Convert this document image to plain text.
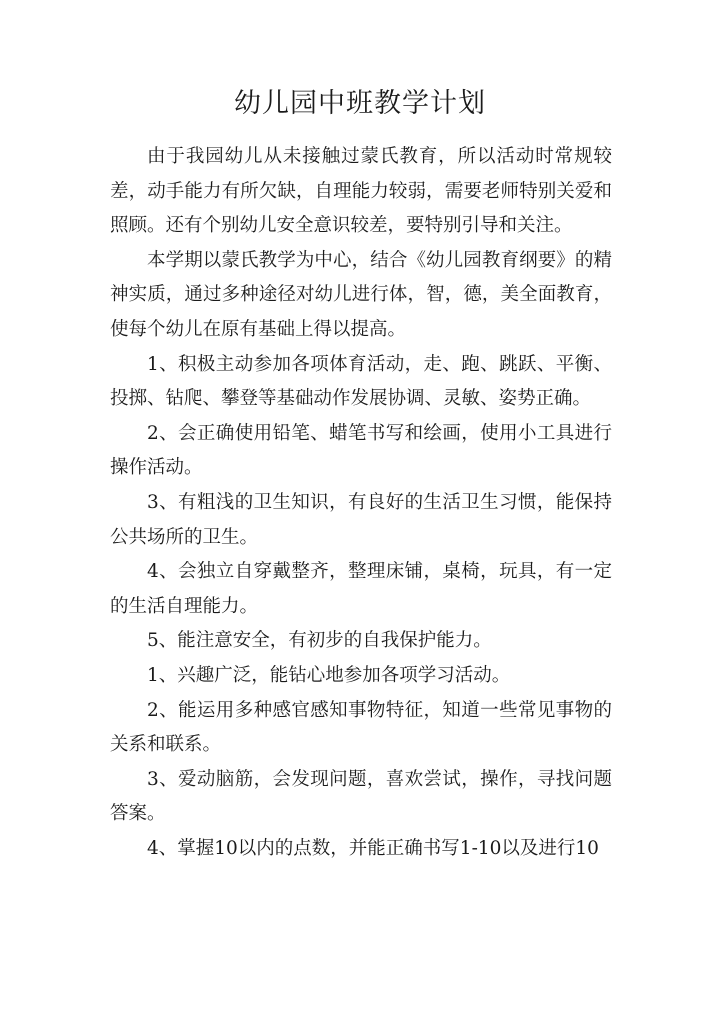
幼儿园中班教学计划

由于我园幼儿从未接触过蒙氏教育，所以活动时常规较差，动手能力有所欠缺，自理能力较弱，需要老师特别关爱和照顾。还有个别幼儿安全意识较差，要特别引导和关注。

本学期以蒙氏教学为中心，结合《幼儿园教育纲要》的精神实质，通过多种途径对幼儿进行体，智，德，美全面教育，使每个幼儿在原有基础上得以提高。

1、积极主动参加各项体育活动，走、跑、跳跃、平衡、投掷、钻爬、攀登等基础动作发展协调、灵敏、姿势正确。

2、会正确使用铅笔、蜡笔书写和绘画，使用小工具进行操作活动。

3、有粗浅的卫生知识，有良好的生活卫生习惯，能保持公共场所的卫生。

4、会独立自穿戴整齐，整理床铺，桌椅，玩具，有一定的生活自理能力。

5、能注意安全，有初步的自我保护能力。

1、兴趣广泛，能钻心地参加各项学习活动。

2、能运用多种感官感知事物特征，知道一些常见事物的关系和联系。

3、爱动脑筋，会发现问题，喜欢尝试，操作，寻找问题答案。

4、掌握10以内的点数，并能正确书写1-10以及进行10
